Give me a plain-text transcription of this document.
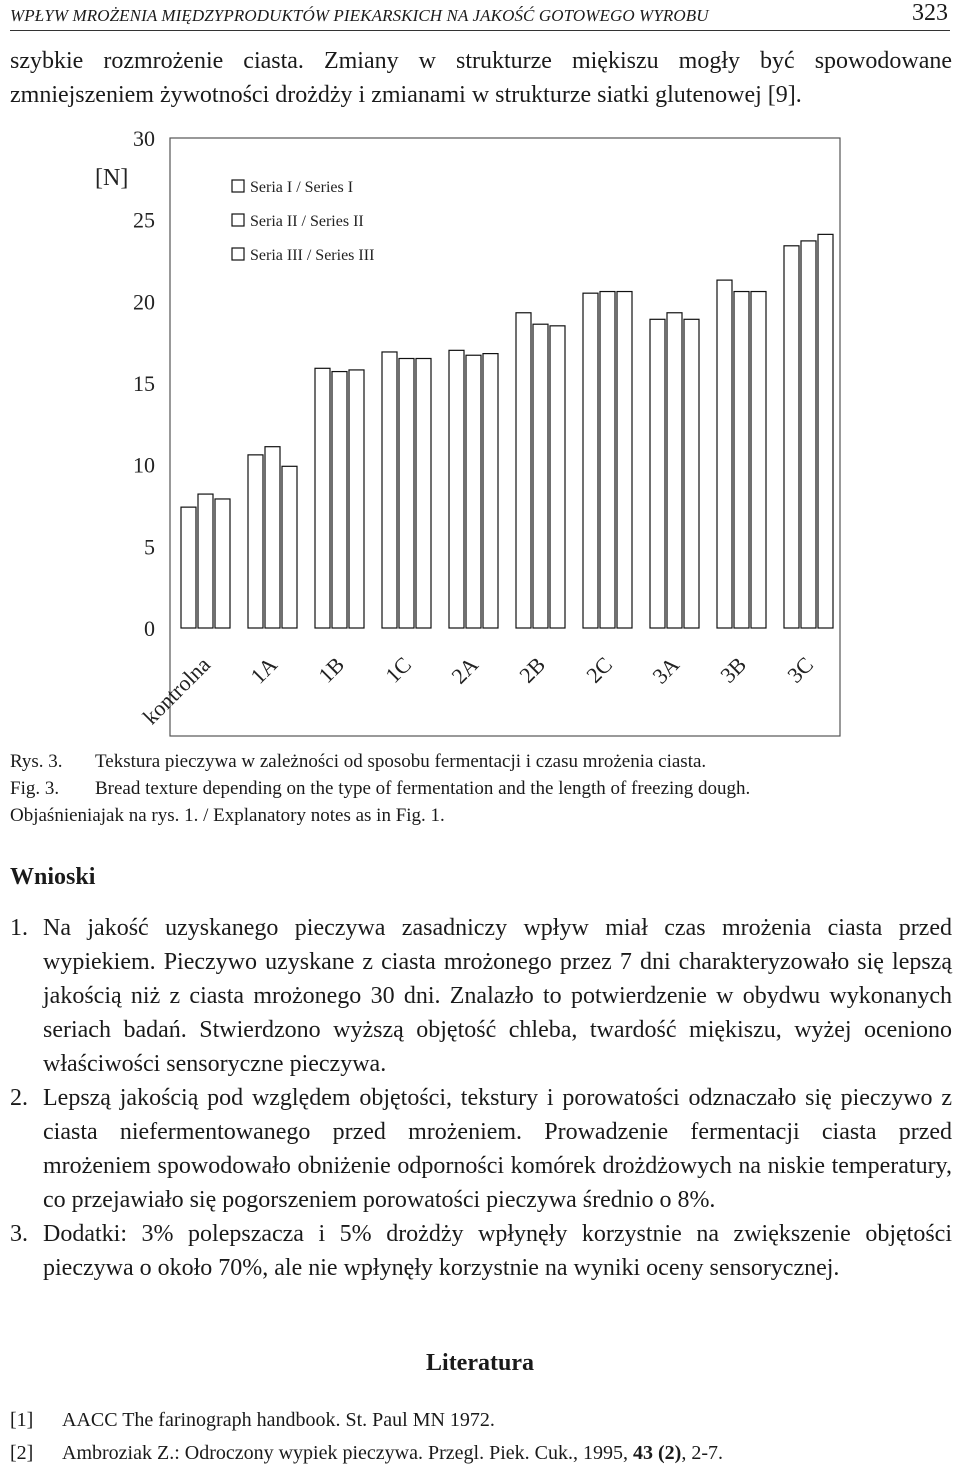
WPŁYW MROŻENIA MIĘDZYPRODUKTÓW PIEKARSKICH NA JAKOŚĆ GOTOWEGO WYROBU	323
szybkie rozmrożenie ciasta. Zmiany w strukturze miękiszu mogły być spowodowane zmniejszeniem żywotności drożdży i zmianami w strukturze siatki glutenowej [9].
0
5
10
15
20
25
30
[N]
kontrolna 1A 1B 1C 2A 2B 2C 3A 3B 3C
Seria I / Series I
Seria II / Series II
Seria III / Series III
Rys. 3. Tekstura pieczywa w zależności od sposobu fermentacji i czasu mrożenia ciasta.
Fig. 3. Bread texture depending on the type of fermentation and the length of freezing dough.
Objaśnieniajak na rys. 1. / Explanatory notes as in Fig. 1.
Wnioski
1. Na jakość uzyskanego pieczywa zasadniczy wpływ miał czas mrożenia ciasta przed wypiekiem. Pieczywo uzyskane z ciasta mrożonego przez 7 dni charakteryzowało się lepszą jakością niż z ciasta mrożonego 30 dni. Znalazło to potwierdzenie w obydwu wykonanych seriach badań. Stwierdzono wyższą objętość chleba, twardość miękiszu, wyżej oceniono właściwości sensoryczne pieczywa.
2. Lepszą jakością pod względem objętości, tekstury i porowatości odznaczało się pieczywo z ciasta niefermentowanego przed mrożeniem. Prowadzenie fermentacji ciasta przed mrożeniem spowodowało obniżenie odporności komórek drożdżowych na niskie temperatury, co przejawiało się pogorszeniem porowatości pieczywa średnio o 8%.
3. Dodatki: 3% polepszacza i 5% drożdży wpłynęły korzystnie na zwiększenie objętości pieczywa o około 70%, ale nie wpłynęły korzystnie na wyniki oceny sensorycznej.
Literatura
[1] AACC The farinograph handbook. St. Paul MN 1972.
[2] Ambroziak Z.: Odroczony wypiek pieczywa. Przegl. Piek. Cuk., 1995, 43 (2), 2-7.
